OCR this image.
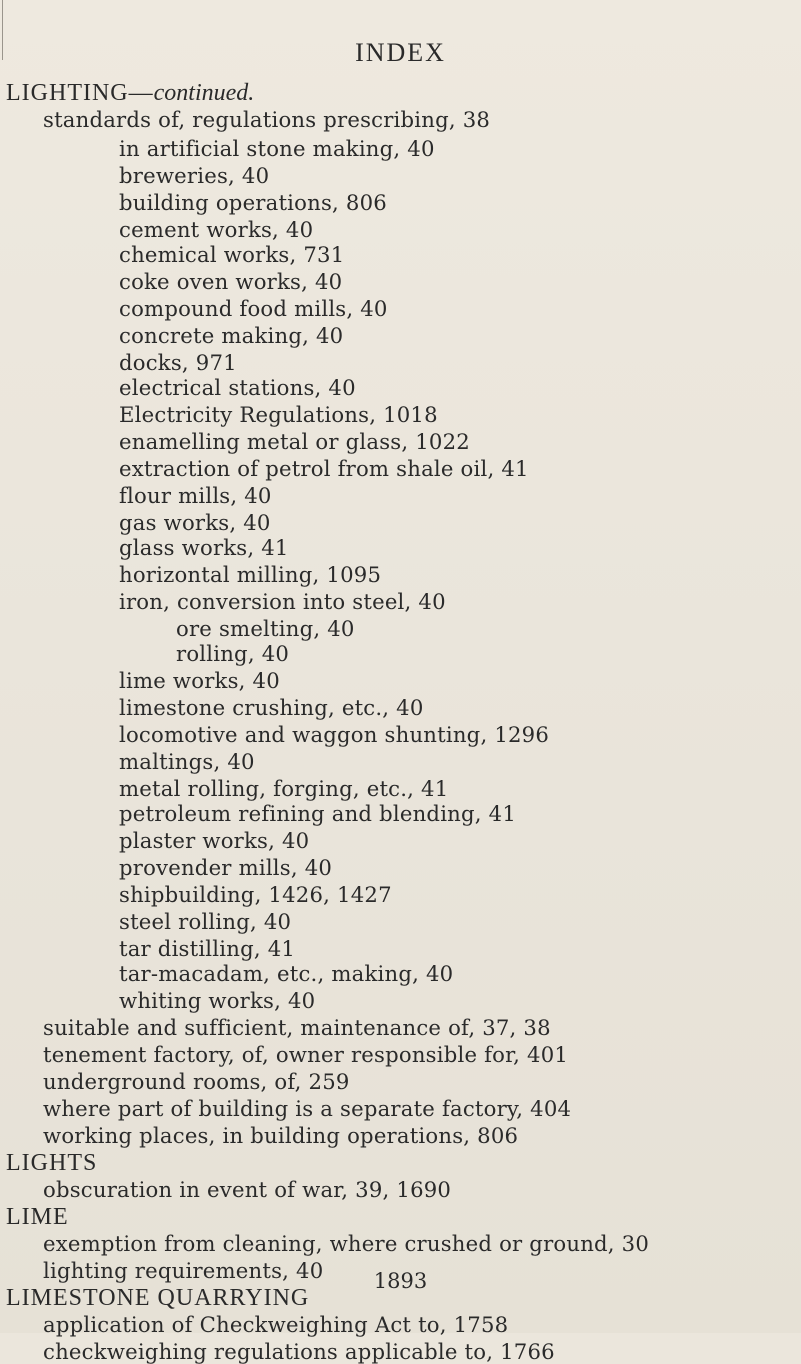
INDEX
LIGHTING—continued.
standards of, regulations prescribing, 38
in artificial stone making, 40
breweries, 40
building operations, 806
cement works, 40
chemical works, 731
coke oven works, 40
compound food mills, 40
concrete making, 40
docks, 971
electrical stations, 40
Electricity Regulations, 1018
enamelling metal or glass, 1022
extraction of petrol from shale oil, 41
flour mills, 40
gas works, 40
glass works, 41
horizontal milling, 1095
iron, conversion into steel, 40
ore smelting, 40
rolling, 40
lime works, 40
limestone crushing, etc., 40
locomotive and waggon shunting, 1296
maltings, 40
metal rolling, forging, etc., 41
petroleum refining and blending, 41
plaster works, 40
provender mills, 40
shipbuilding, 1426, 1427
steel rolling, 40
tar distilling, 41
tar-macadam, etc., making, 40
whiting works, 40
suitable and sufficient, maintenance of, 37, 38
tenement factory, of, owner responsible for, 401
underground rooms, of, 259
where part of building is a separate factory, 404
working places, in building operations, 806
LIGHTS
obscuration in event of war, 39, 1690
LIME
exemption from cleaning, where crushed or ground, 30
lighting requirements, 40
LIMESTONE QUARRYING
application of Checkweighing Act to, 1758
checkweighing regulations applicable to, 1766
1893
